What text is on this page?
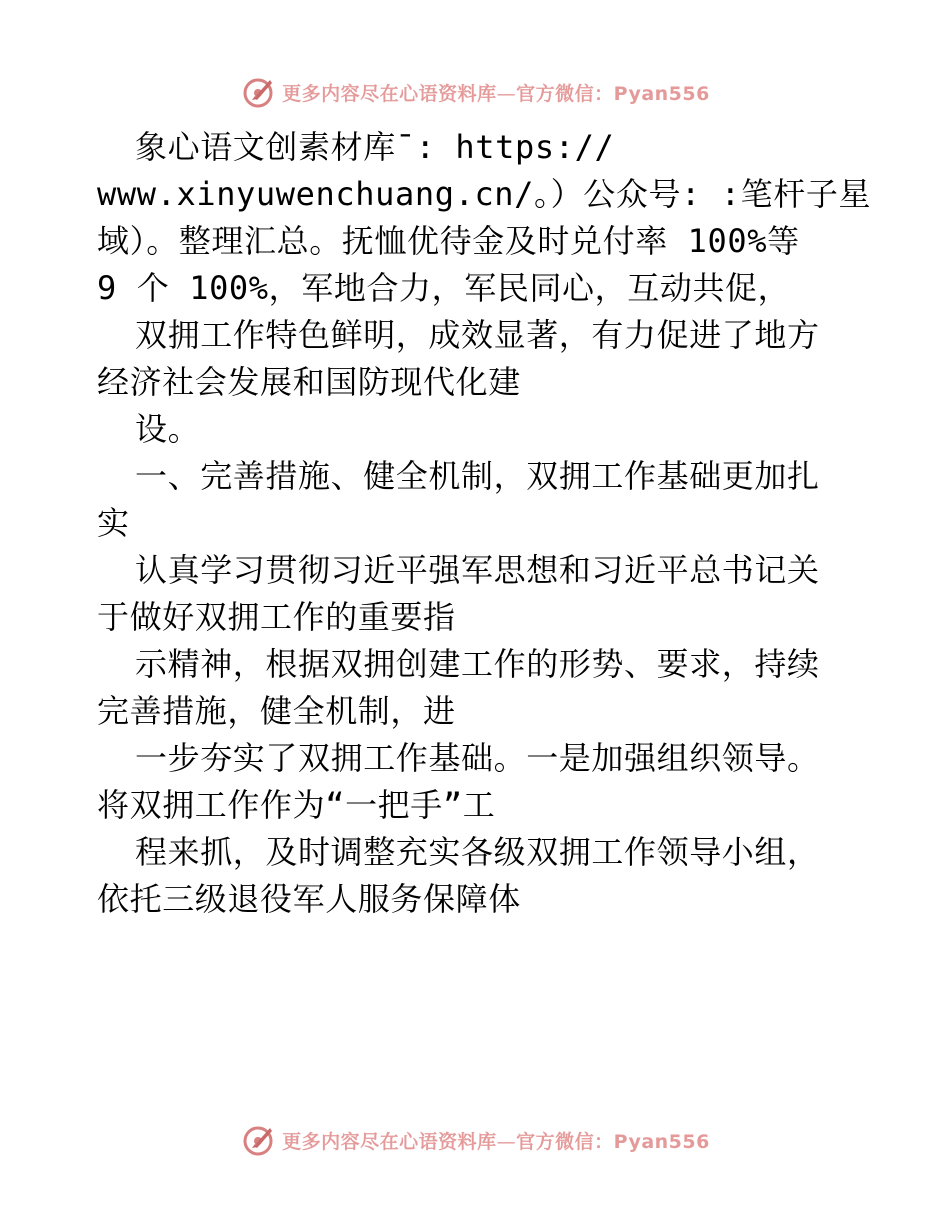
更多内容尽在心语资料库—官方微信：Pyan556
象心语文创素材库¯: https://
www.xinyuwenchuang.cn/。）公众号: :笔杆子星
域）。整理汇总。抚恤优待金及时兑付率 100%等
9 个 100%，军地合力，军民同心，互动共促，
双拥工作特色鲜明，成效显著，有力促进了地方
经济社会发展和国防现代化建
设。
一、完善措施、健全机制，双拥工作基础更加扎
实
认真学习贯彻习近平强军思想和习近平总书记关
于做好双拥工作的重要指
示精神，根据双拥创建工作的形势、要求，持续
完善措施，健全机制，进
一步夯实了双拥工作基础。一是加强组织领导。
将双拥工作作为“一把手”工
程来抓，及时调整充实各级双拥工作领导小组，
依托三级退役军人服务保障体
更多内容尽在心语资料库—官方微信：Pyan556
